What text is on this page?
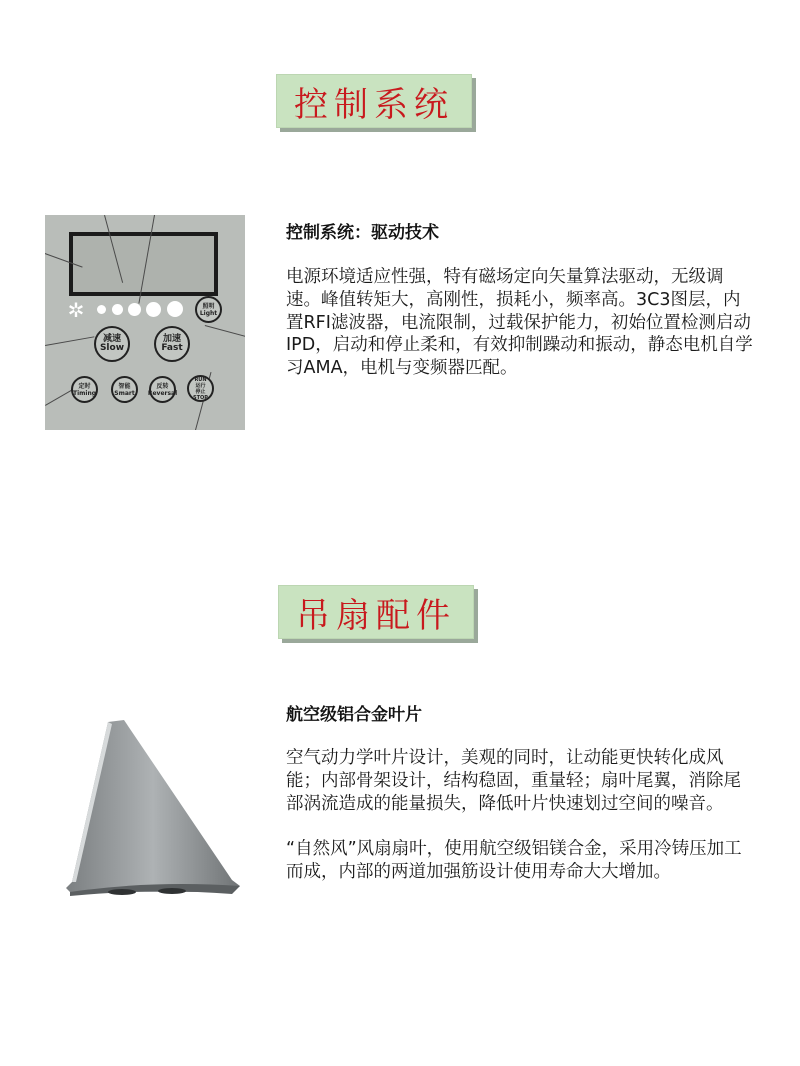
控制系统
✲	照明
Light
减速
Slow
加速
Fast
定时
Timing
智能
Smart
反转
Reversal
RUN
运行
停止
STOP
控制系统：驱动技术

电源环境适应性强，特有磁场定向矢量算法驱动，无级调速。峰值转矩大，高刚性，损耗小，频率高。3C3图层，内置RFI滤波器，电流限制，过载保护能力，初始位置检测启动IPD，启动和停止柔和，有效抑制躁动和振动，静态电机自学习AMA，电机与变频器匹配。

吊扇配件
航空级铝合金叶片

空气动力学叶片设计，美观的同时，让动能更快转化成风能；内部骨架设计，结构稳固，重量轻；扇叶尾翼，消除尾部涡流造成的能量损失，降低叶片快速划过空间的噪音。

“自然风”风扇扇叶，使用航空级铝镁合金，采用冷铸压加工而成，内部的两道加强筋设计使用寿命大大增加。
